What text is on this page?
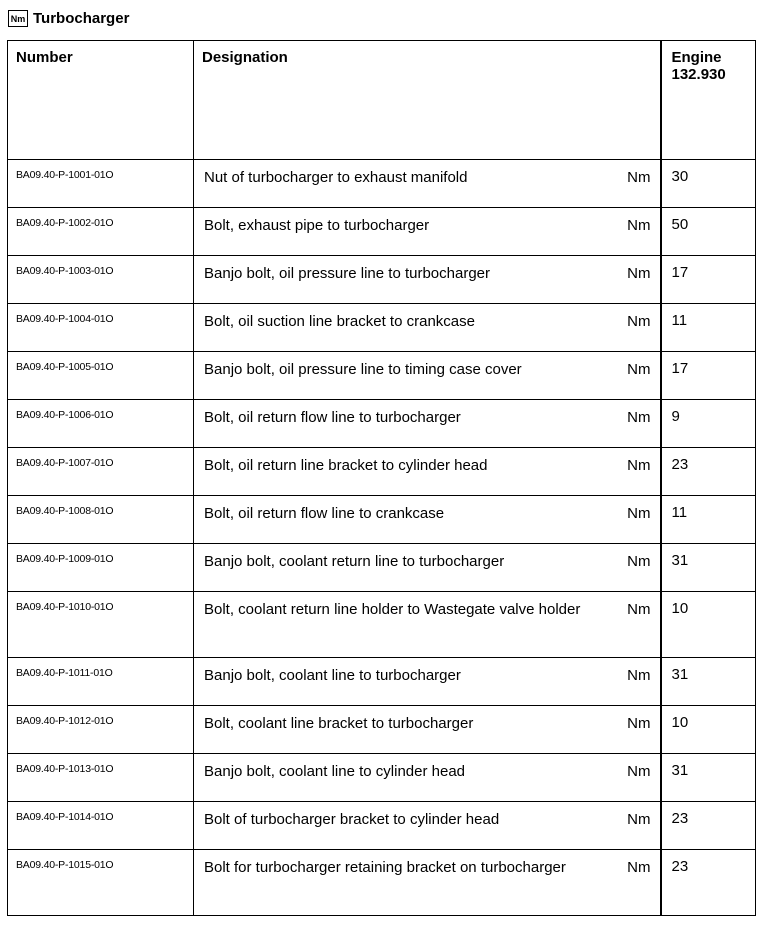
Nm Turbocharger
Number	Designation	Engine
132.930

BA09.40-P-1001-01O	Nut of turbocharger to exhaust manifold Nm	30
BA09.40-P-1002-01O	Bolt, exhaust pipe to turbocharger Nm	50
BA09.40-P-1003-01O	Banjo bolt, oil pressure line to turbocharger Nm	17
BA09.40-P-1004-01O	Bolt, oil suction line bracket to crankcase Nm	11
BA09.40-P-1005-01O	Banjo bolt, oil pressure line to timing case cover Nm	17
BA09.40-P-1006-01O	Bolt, oil return flow line to turbocharger Nm	9
BA09.40-P-1007-01O	Bolt, oil return line bracket to cylinder head Nm	23
BA09.40-P-1008-01O	Bolt, oil return flow line to crankcase Nm	11
BA09.40-P-1009-01O	Banjo bolt, coolant return line to turbocharger Nm	31
BA09.40-P-1010-01O	Bolt, coolant return line holder to Wastegate valve holder Nm	10
BA09.40-P-1011-01O	Banjo bolt, coolant line to turbocharger Nm	31
BA09.40-P-1012-01O	Bolt, coolant line bracket to turbocharger Nm	10
BA09.40-P-1013-01O	Banjo bolt, coolant line to cylinder head Nm	31
BA09.40-P-1014-01O	Bolt of turbocharger bracket to cylinder head Nm	23
BA09.40-P-1015-01O	Bolt for turbocharger retaining bracket on turbocharger Nm	23
